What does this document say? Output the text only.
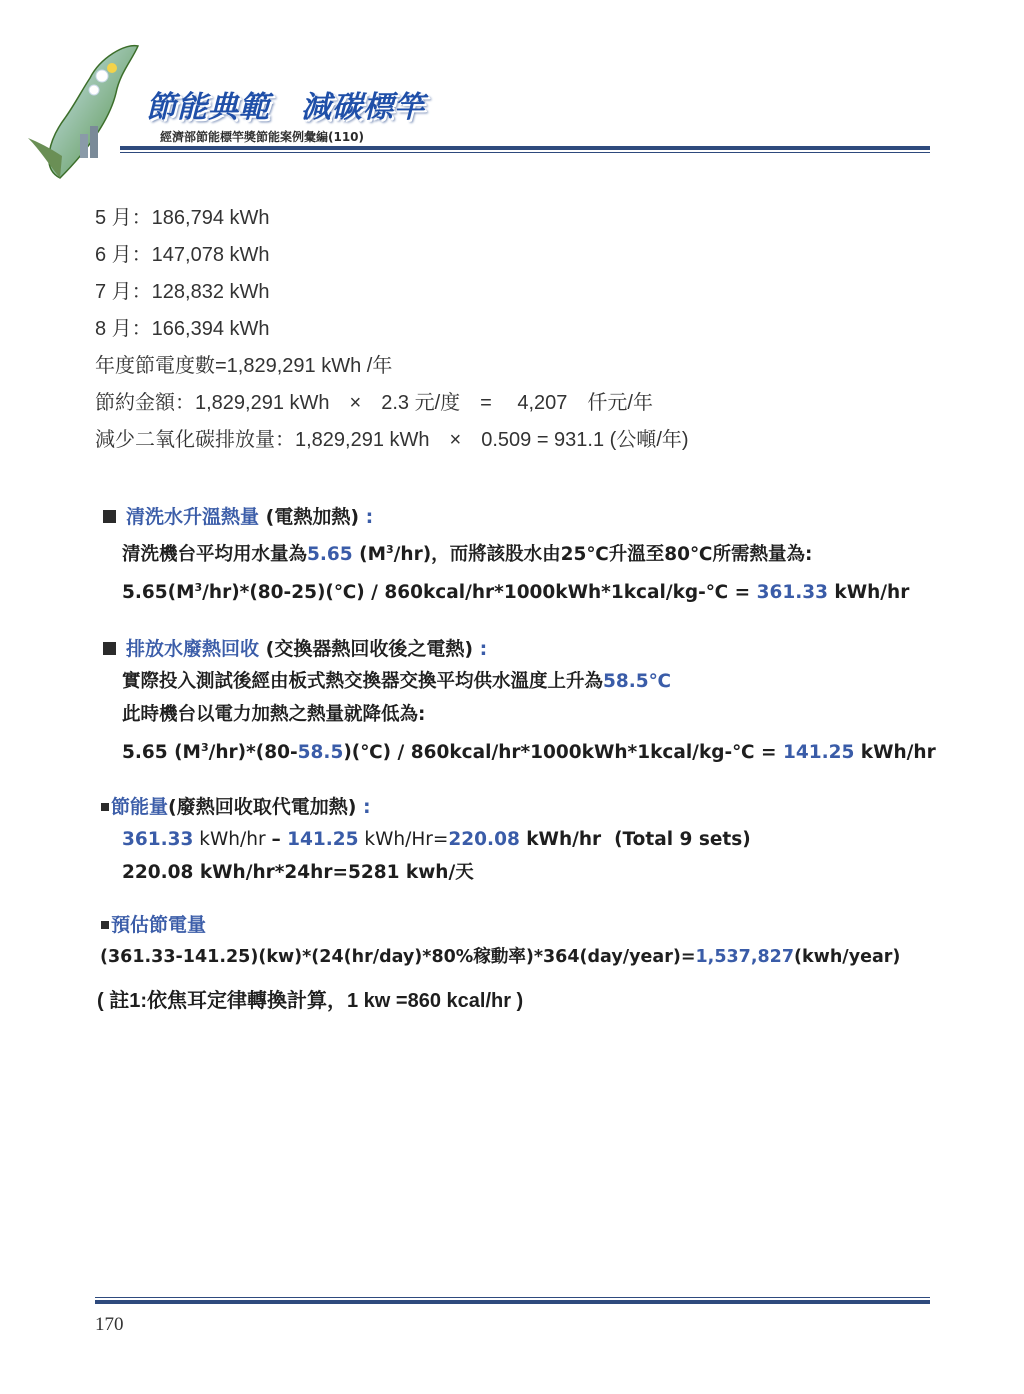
節能典範　減碳標竿
經濟部節能標竿獎節能案例彙編(110)
5 月：186,794 kWh
6 月：147,078 kWh
7 月：128,832 kWh
8 月：166,394 kWh
年度節電度數=1,829,291 kWh /年
節約金額：1,829,291 kWh　×　2.3 元/度　=　 4,207　仟元/年
減少二氧化碳排放量：1,829,291 kWh　×　0.509 = 931.1 (公噸/年)
清洗水升溫熱量 (電熱加熱) :
清洗機台平均用水量為5.65 $(M^3/hr)$，而將該股水由25℃升溫至80℃所需熱量為:
$5.65(M^3/hr)*(80-25)(℃)$ / 860kcal/hr*1000kWh*1kcal/kg-℃ = 361.33 kWh/hr
排放水廢熱回收 (交換器熱回收後之電熱) :
實際投入測試後經由板式熱交換器交換平均供水溫度上升為58.5℃
此時機台以電力加熱之熱量就降低為:
5.65 $(M^3/hr)*(80-58.5)(℃)$ / 860kcal/hr*1000kWh*1kcal/kg-℃ = 141.25 kWh/hr
節能量(廢熱回收取代電加熱) :
361.33 kWh/hr – 141.25 kWh/Hr=220.08 kWh/hr  (Total 9 sets)
220.08 kWh/hr*24hr=5281 kwh/天
預估節電量
(361.33-141.25)(kw)*(24(hr/day)*80%稼動率)*364(day/year)=1,537,827(kwh/year)
( 註1:依焦耳定律轉換計算，1 kw =860 kcal/hr )
170
